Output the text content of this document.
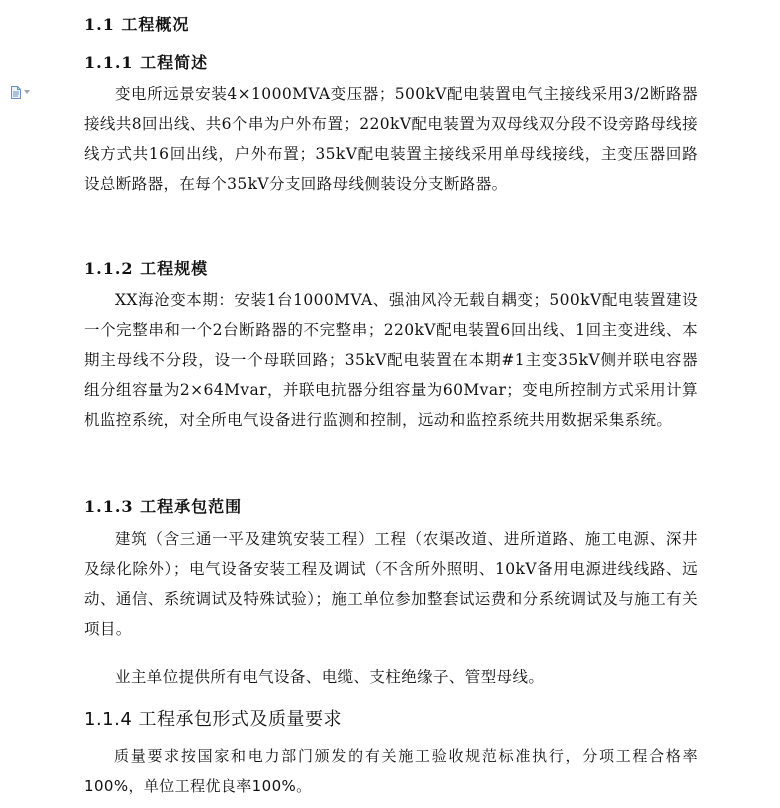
1.1 工程概况
1.1.1 工程简述
变电所远景安装4×1000MVA变压器；500kV配电装置电气主接线采用3/2断路器接线共8回出线、共6个串为户外布置；220kV配电装置为双母线双分段不设旁路母线接线方式共16回出线，户外布置；35kV配电装置主接线采用单母线接线，主变压器回路设总断路器，在每个35kV分支回路母线侧装设分支断路器。
1.1.2 工程规模
XX海沧变本期：安装1台1000MVA、强油风冷无载自耦变；500kV配电装置建设一个完整串和一个2台断路器的不完整串；220kV配电装置6回出线、1回主变进线、本期主母线不分段，设一个母联回路；35kV配电装置在本期#1主变35kV侧并联电容器组分组容量为2×64Mvar，并联电抗器分组容量为60Mvar；变电所控制方式采用计算机监控系统，对全所电气设备进行监测和控制，远动和监控系统共用数据采集系统。
1.1.3 工程承包范围
建筑（含三通一平及建筑安装工程）工程（农渠改道、进所道路、施工电源、深井及绿化除外）；电气设备安装工程及调试（不含所外照明、10kV备用电源进线线路、远动、通信、系统调试及特殊试验）；施工单位参加整套试运费和分系统调试及与施工有关项目。
业主单位提供所有电气设备、电缆、支柱绝缘子、管型母线。
1.1.4 工程承包形式及质量要求
质量要求按国家和电力部门颁发的有关施工验收规范标准执行，分项工程合格率100%，单位工程优良率100%。
